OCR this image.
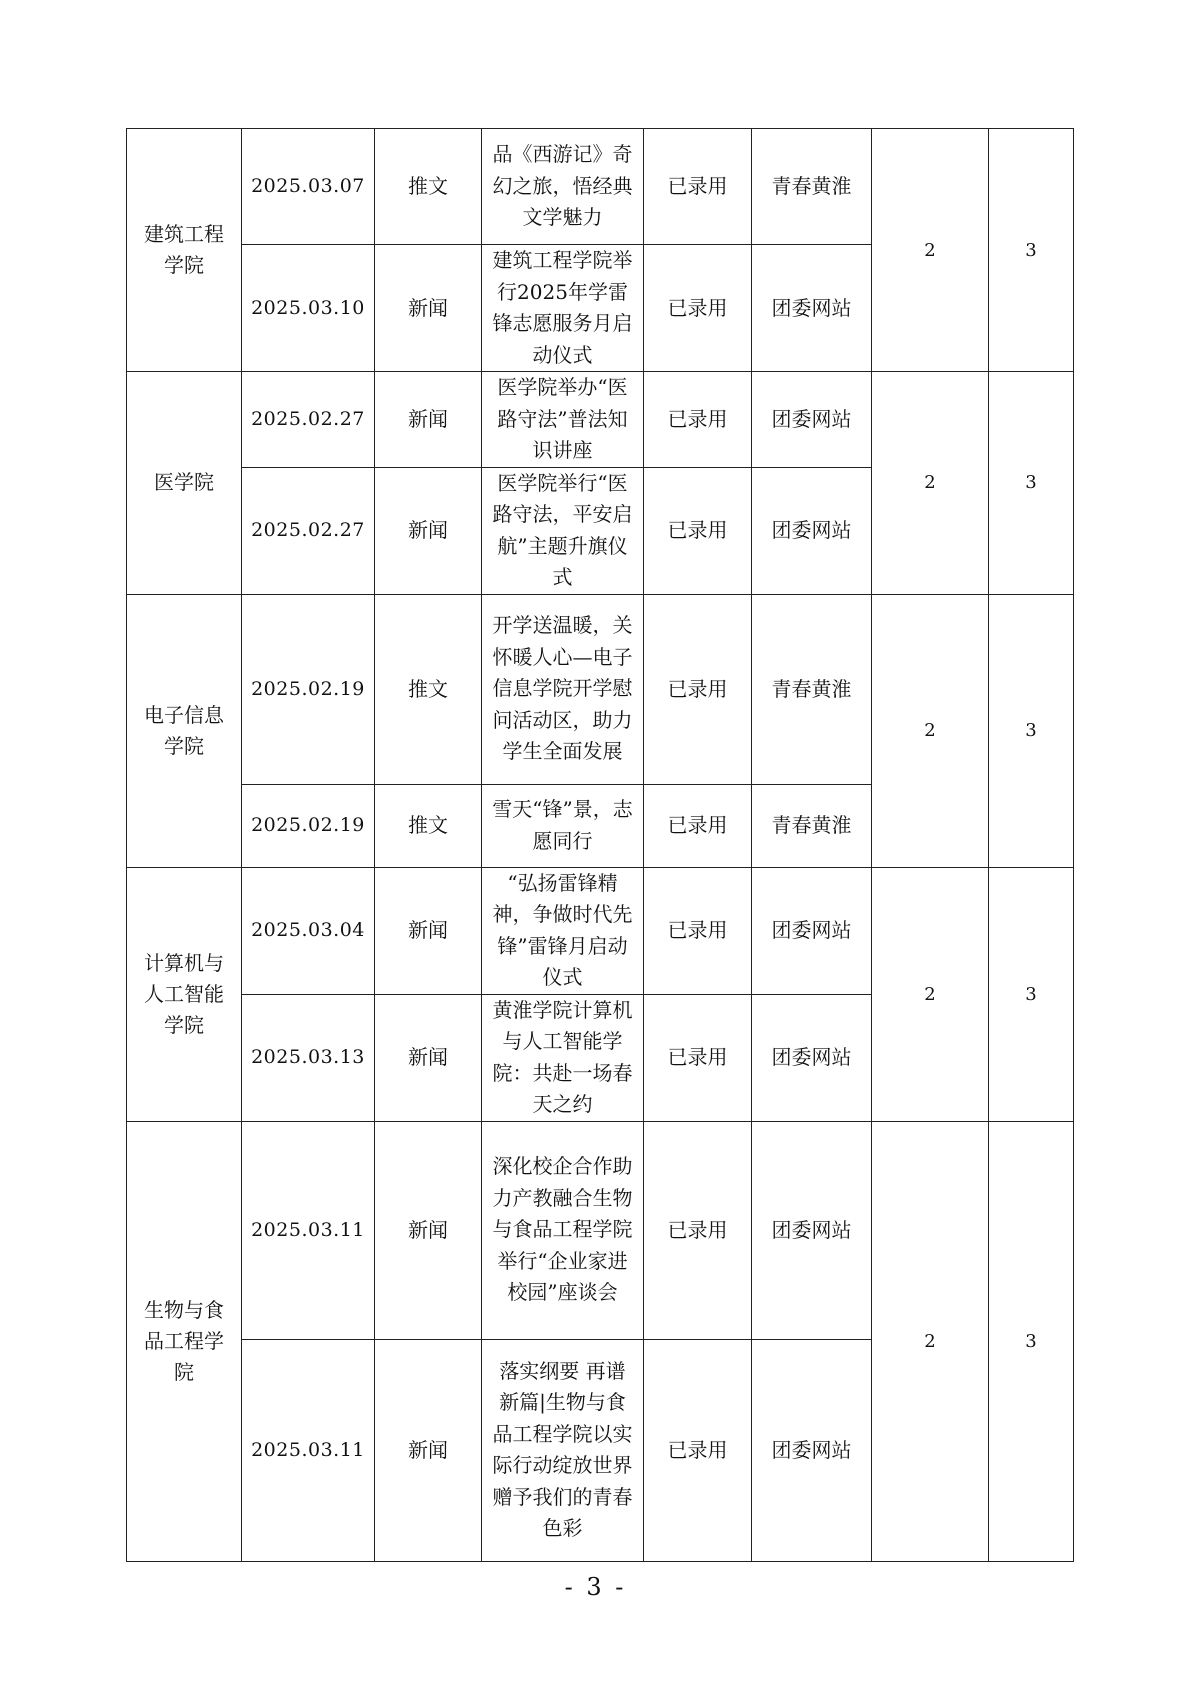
建筑工程学院	2025.03.07	推文	品《西游记》奇幻之旅，悟经典文学魅力	已录用	青春黄淮	2	3
	2025.03.10	新闻	建筑工程学院举行2025年学雷锋志愿服务月启动仪式	已录用	团委网站		
医学院	2025.02.27	新闻	医学院举办“医路守法”普法知识讲座	已录用	团委网站	2	3
	2025.02.27	新闻	医学院举行“医路守法，平安启航”主题升旗仪式	已录用	团委网站		
电子信息学院	2025.02.19	推文	开学送温暖，关怀暖人心—电子信息学院开学慰问活动区，助力学生全面发展	已录用	青春黄淮	2	3
	2025.02.19	推文	雪天“锋”景，志愿同行	已录用	青春黄淮		
计算机与人工智能学院	2025.03.04	新闻	“弘扬雷锋精神，争做时代先锋”雷锋月启动仪式	已录用	团委网站	2	3
	2025.03.13	新闻	黄淮学院计算机与人工智能学院：共赴一场春天之约	已录用	团委网站		
生物与食品工程学院	2025.03.11	新闻	深化校企合作助力产教融合生物与食品工程学院举行“企业家进校园”座谈会	已录用	团委网站	2	3
	2025.03.11	新闻	落实纲要 再谱新篇|生物与食品工程学院以实际行动绽放世界赠予我们的青春色彩	已录用	团委网站		
- 3 -
